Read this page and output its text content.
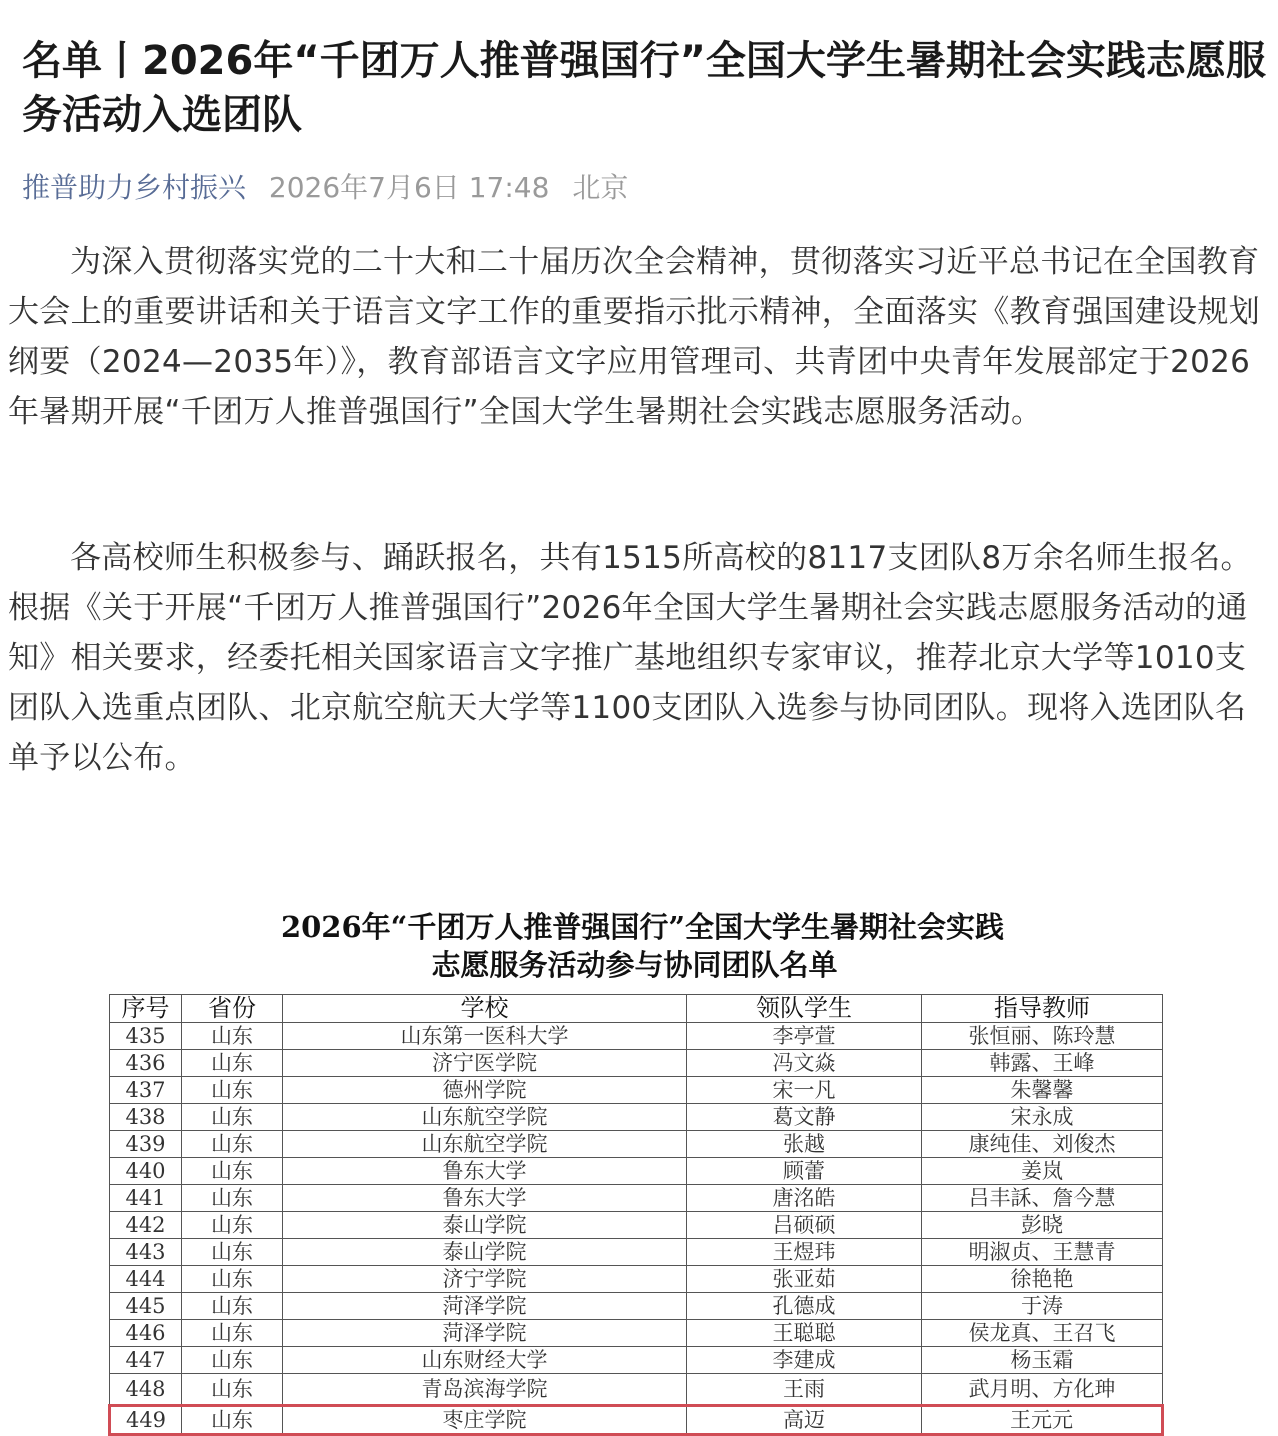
名单丨2026年“千团万人推普强国行”全国大学生暑期社会实践志愿服务活动入选团队
推普助力乡村振兴 2026年7月6日 17:48 北京

为深入贯彻落实党的二十大和二十届历次全会精神，贯彻落实习近平总书记在全国教育大会上的重要讲话和关于语言文字工作的重要指示批示精神，全面落实《教育强国建设规划纲要（2024—2035年）》，教育部语言文字应用管理司、共青团中央青年发展部定于2026年暑期开展“千团万人推普强国行”全国大学生暑期社会实践志愿服务活动。

各高校师生积极参与、踊跃报名，共有1515所高校的8117支团队8万余名师生报名。根据《关于开展“千团万人推普强国行”2026年全国大学生暑期社会实践志愿服务活动的通知》相关要求，经委托相关国家语言文字推广基地组织专家审议，推荐北京大学等1010支团队入选重点团队、北京航空航天大学等1100支团队入选参与协同团队。现将入选团队名单予以公布。

2026年“千团万人推普强国行”全国大学生暑期社会实践
志愿服务活动参与协同团队名单
序号	省份	学校	领队学生	指导教师
435	山东	山东第一医科大学	李亭萱	张恒丽、陈玲慧
436	山东	济宁医学院	冯文焱	韩露、王峰
437	山东	德州学院	宋一凡	朱馨馨
438	山东	山东航空学院	葛文静	宋永成
439	山东	山东航空学院	张越	康纯佳、刘俊杰
440	山东	鲁东大学	顾蕾	姜岚
441	山东	鲁东大学	唐洺皓	吕丰訸、詹今慧
442	山东	泰山学院	吕硕硕	彭晓
443	山东	泰山学院	王煜玮	明淑贞、王慧青
444	山东	济宁学院	张亚茹	徐艳艳
445	山东	菏泽学院	孔德成	于涛
446	山东	菏泽学院	王聪聪	侯龙真、王召飞
447	山东	山东财经大学	李建成	杨玉霜
448	山东	青岛滨海学院	王雨	武月明、方化珅
449	山东	枣庄学院	高迈	王元元
